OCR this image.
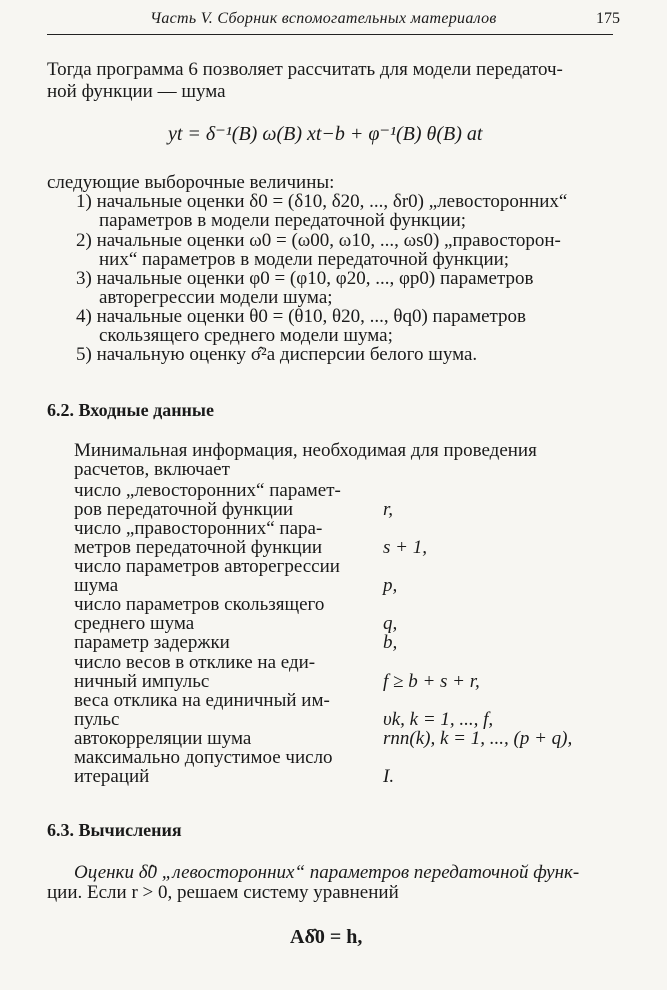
Часть V. Сборник вспомогательных материалов	175
Тогда программа 6 позволяет рассчитать для модели передаточ-
ной функции — шума
yt = δ⁻¹(B) ω(B) xt−b + φ⁻¹(B) θ(B) at
следующие выборочные величины:
1) начальные оценки δ0 = (δ10, δ20, ..., δr0) „левосторонних“
параметров в модели передаточной функции;
2) начальные оценки ω0 = (ω00, ω10, ..., ωs0) „правосторон-
них“ параметров в модели передаточной функции;
3) начальные оценки φ0 = (φ10, φ20, ..., φp0) параметров
авторегрессии модели шума;
4) начальные оценки θ0 = (θ10, θ20, ..., θq0) параметров
скользящего среднего модели шума;
5) начальную оценку σ̂²a дисперсии белого шума.
6.2. Входные данные
Минимальная информация, необходимая для проведения
расчетов, включает
число „левосторонних“ парамет-
ров передаточной функции	r,
число „правосторонних“ пара-
метров передаточной функции	s + 1,
число параметров авторегрессии
шума	p,
число параметров скользящего
среднего шума	q,
параметр задержки	b,
число весов в отклике на еди-
ничный импульс	f ≥ b + s + r,
веса отклика на единичный им-
пульс	υk, k = 1, ..., f,
автокорреляции шума	rnn(k), k = 1, ..., (p + q),
максимально допустимое число
итераций	I.
6.3. Вычисления
Оценки δ̂0 „левосторонних“ параметров передаточной функ-
ции. Если r > 0, решаем систему уравнений
Aδ̂0 = h,
